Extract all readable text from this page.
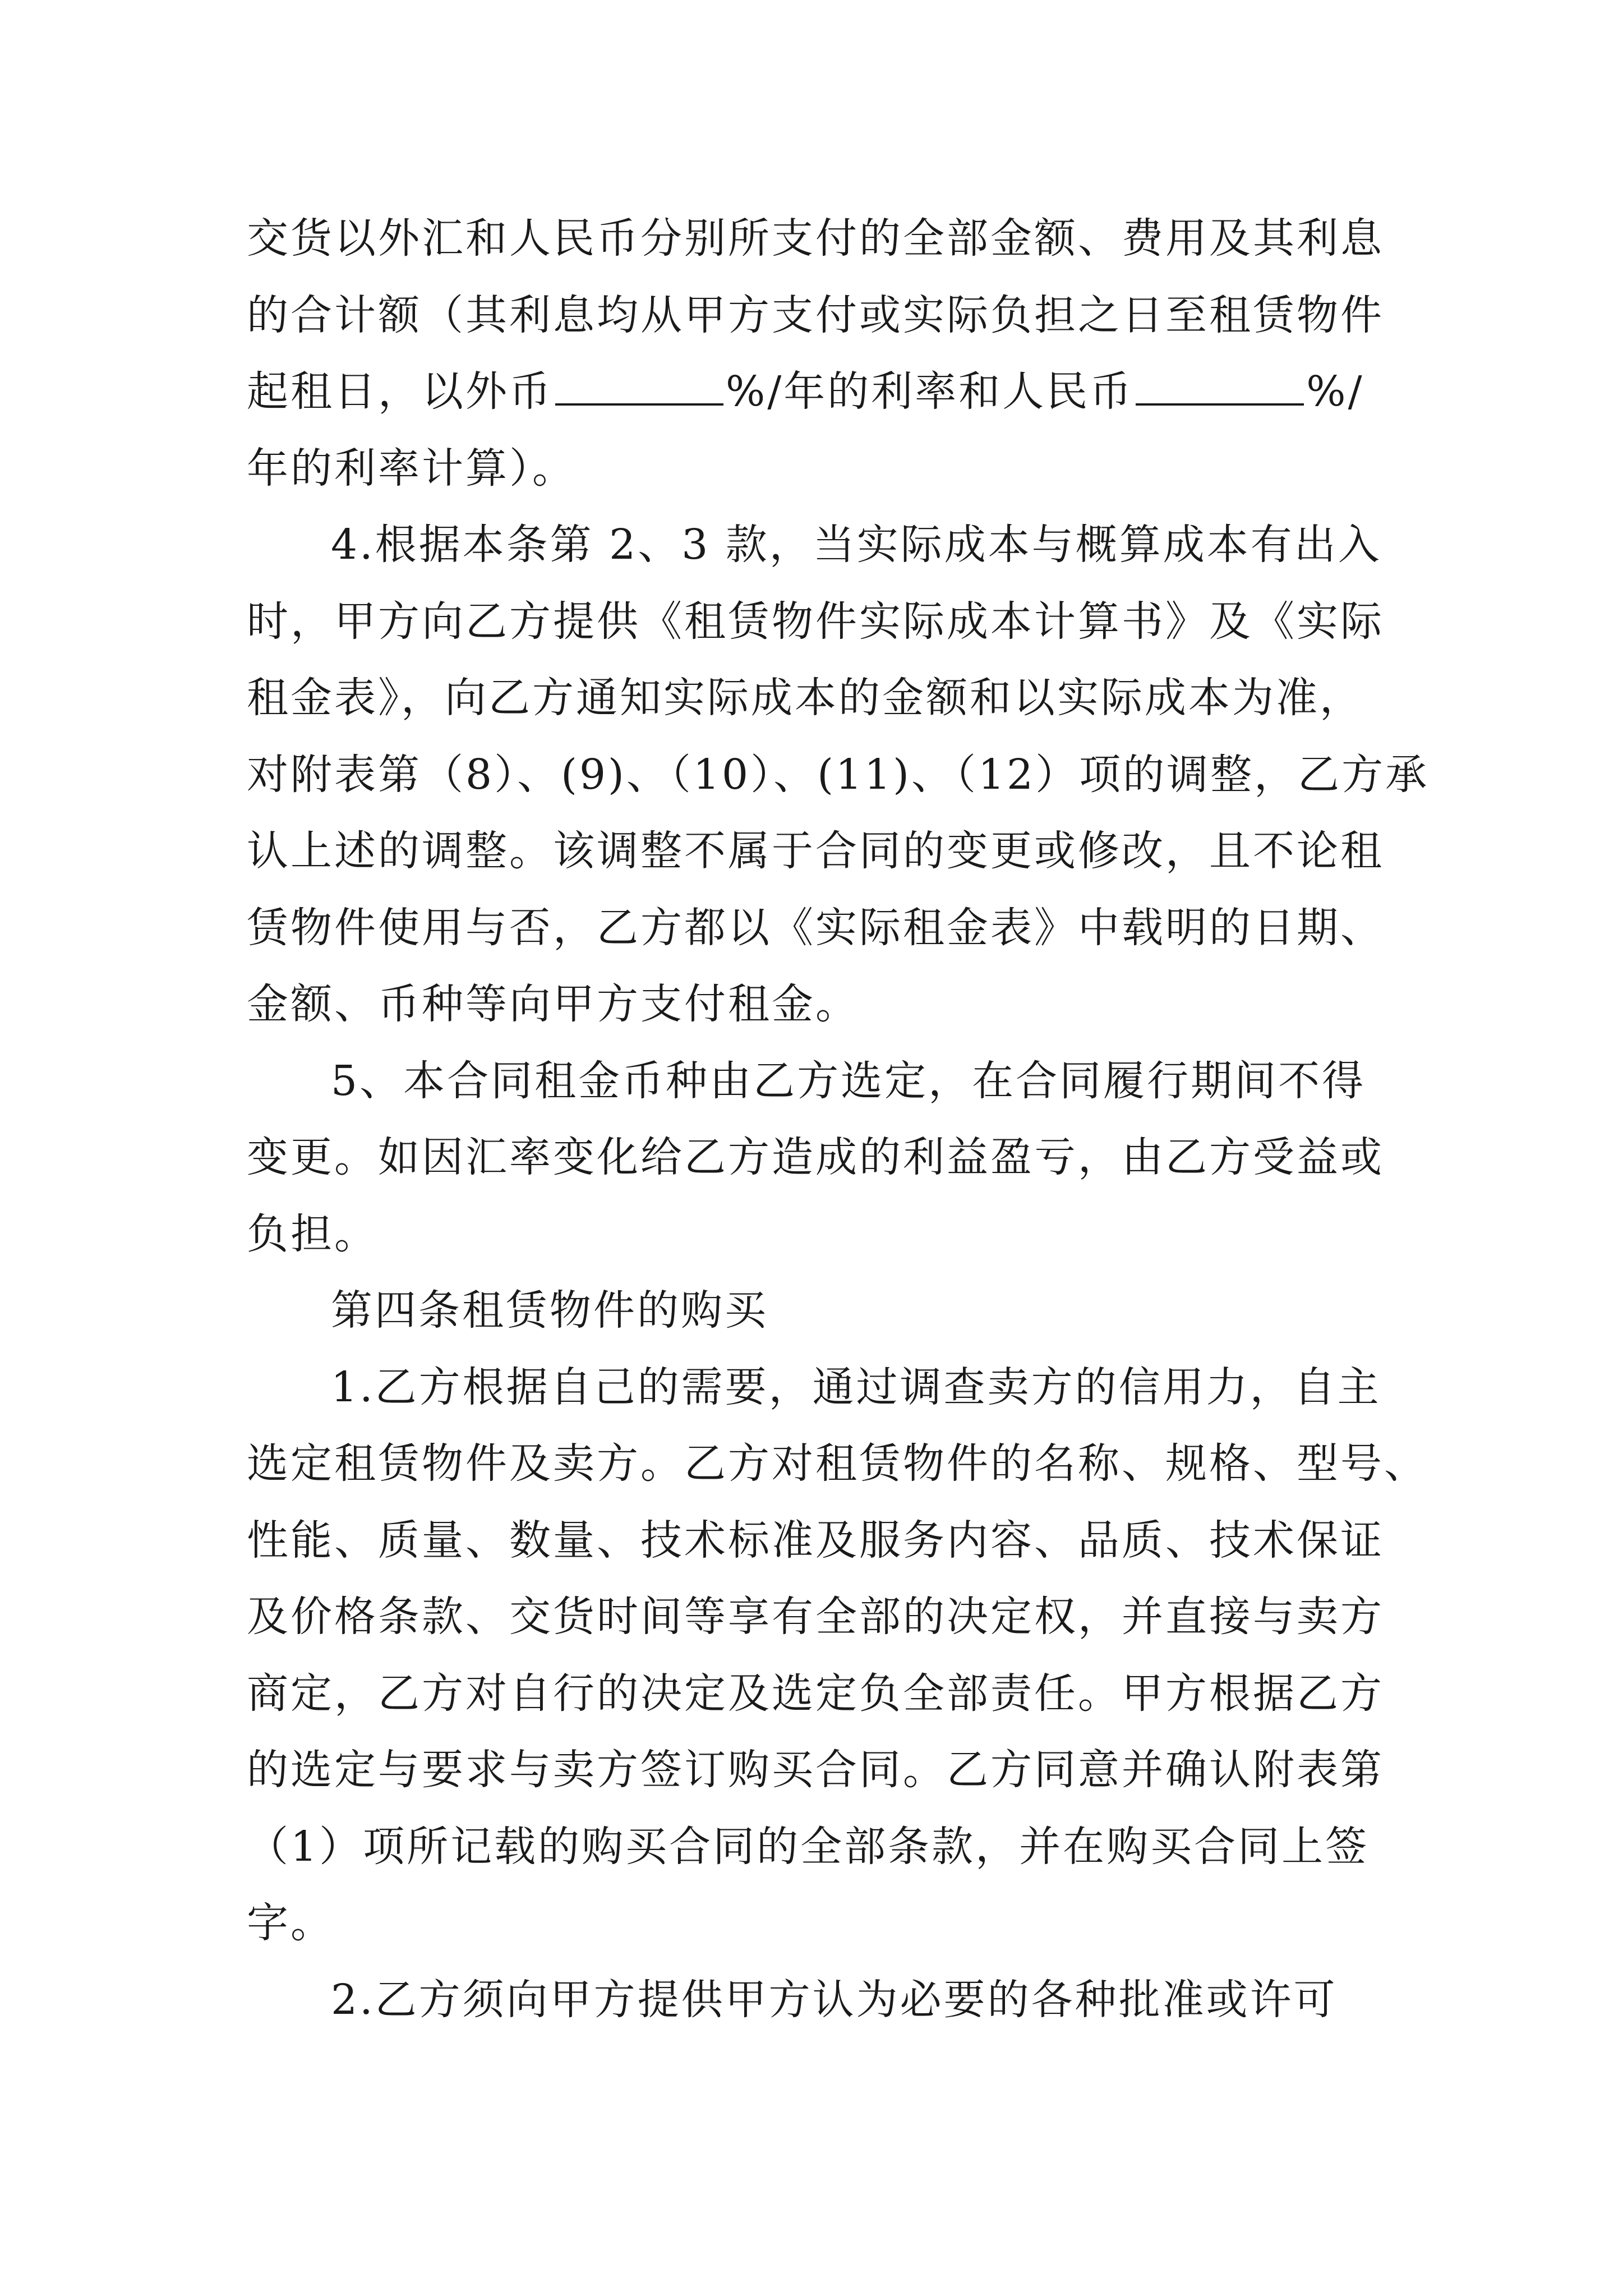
交货以外汇和人民币分别所支付的全部金额、费用及其利息
的合计额（其利息均从甲方支付或实际负担之日至租赁物件
起租日，以外币	%/年的利率和人民币	%/
年的利率计算）。
4.根据本条第 2、3 款，当实际成本与概算成本有出入
时，甲方向乙方提供《租赁物件实际成本计算书》及《实际
租金表》，向乙方通知实际成本的金额和以实际成本为准，
对附表第（8）、(9)、（10）、(11)、（12）项的调整，乙方承
认上述的调整。该调整不属于合同的变更或修改，且不论租
赁物件使用与否，乙方都以《实际租金表》中载明的日期、
金额、币种等向甲方支付租金。
5、本合同租金币种由乙方选定，在合同履行期间不得
变更。如因汇率变化给乙方造成的利益盈亏，由乙方受益或
负担。
第四条租赁物件的购买
1.乙方根据自己的需要，通过调查卖方的信用力，自主
选定租赁物件及卖方。乙方对租赁物件的名称、规格、型号、
性能、质量、数量、技术标准及服务内容、品质、技术保证
及价格条款、交货时间等享有全部的决定权，并直接与卖方
商定，乙方对自行的决定及选定负全部责任。甲方根据乙方
的选定与要求与卖方签订购买合同。乙方同意并确认附表第
（1）项所记载的购买合同的全部条款，并在购买合同上签
字。
2.乙方须向甲方提供甲方认为必要的各种批准或许可
